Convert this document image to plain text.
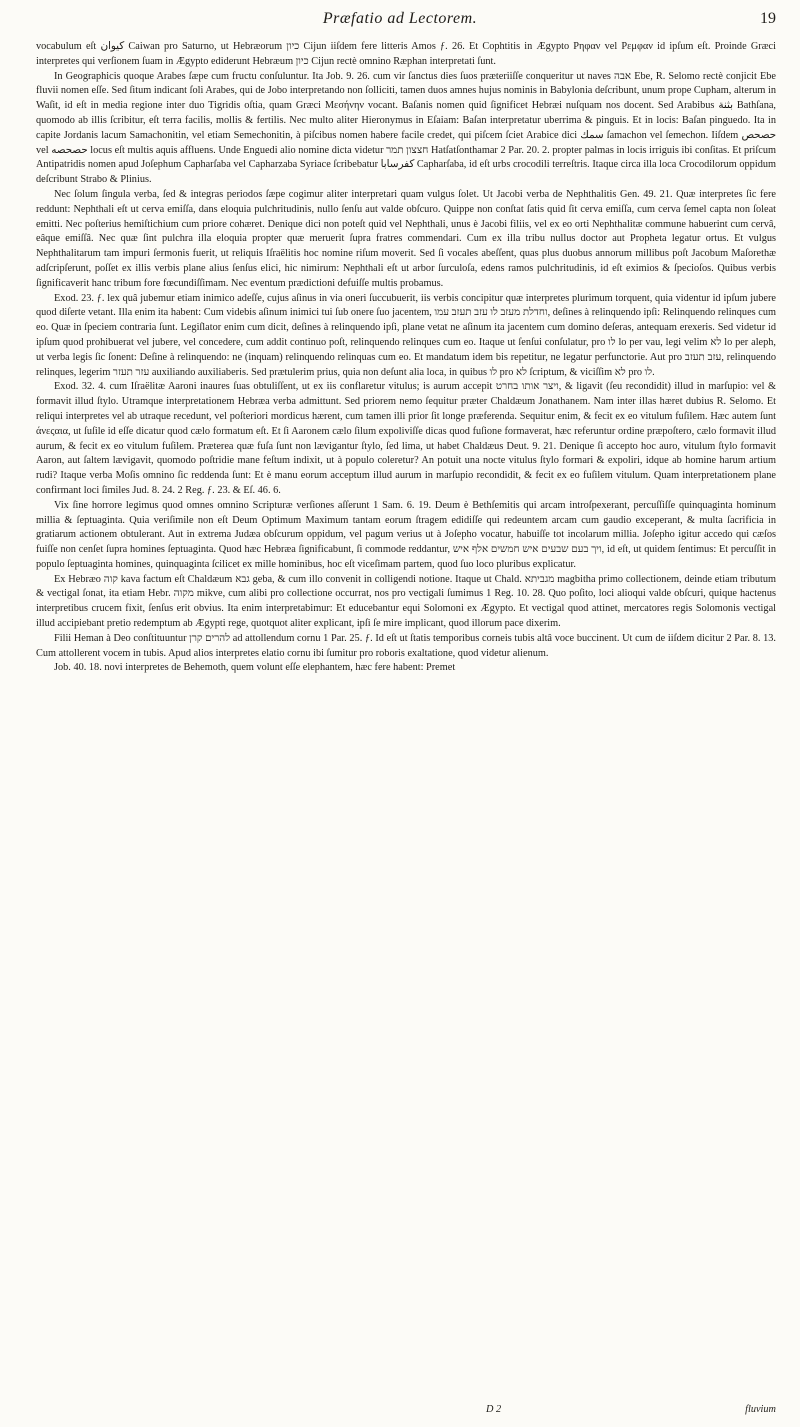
Præfatio ad Lectorem.	19

vocabulum eſt كيوان Caiwan pro Saturno, ut Hebræorum כיון Cijun iiſdem fere litteris Amos ƒ. 26. Et Cophtitis in Ægypto Ρηφαν vel Ρεμφαν id ipſum eſt. Proinde Græci interpretes qui verſionem ſuam in Ægypto ediderunt Hebræum כיון Cijun rectè omnino Ræphan interpretati ſunt.

In Geographicis quoque Arabes ſæpe cum fructu conſuluntur. Ita Job. 9. 26. cum vir ſanctus dies ſuos præteriiſſe conqueritur ut naves אבה Ebe, R. Selomo rectè conjicit Ebe fluvii nomen eſſe. Sed ſitum indicant ſoli Arabes, qui de Jobo interpretando non ſolliciti, tamen duos amnes hujus nominis in Babylonia deſcribunt, unum prope Cupham, alterum in Waſit, id eſt in media regione inter duo Tigridis oſtia, quam Græci Μεσήνην vocant. Baſanis nomen quid ſignificet Hebræi nuſquam nos docent. Sed Arabibus بثنة Bathſana, quomodo ab illis ſcribitur, eſt terra facilis, mollis & fertilis. Nec multo aliter Hieronymus in Eſaiam: Baſan interpretatur uberrima & pinguis. Et in locis: Baſan pinguedo. Ita in capite Jordanis lacum Samachonitin, vel etiam Semechonitin, à piſcibus nomen habere facile credet, qui piſcem ſciet Arabice dici سمك ſamachon vel ſemechon. Iiſdem حصحص vel حصحصه locus eſt multis aquis affluens. Unde Enguedi alio nomine dicta videtur חצצון תמר Hatſatſonthamar 2 Par. 20. 2. propter palmas in locis irriguis ibi conſitas. Et priſcum Antipatridis nomen apud Joſephum Capharſaba vel Capharzaba Syriace ſcribebatur كفرسابا Capharſaba, id eſt urbs crocodili terreſtris. Itaque circa illa loca Crocodilorum oppidum deſcribunt Strabo & Plinius.

Nec ſolum ſingula verba, ſed & integras periodos ſæpe cogimur aliter interpretari quam vulgus ſolet. Ut Jacobi verba de Nephthalitis Gen. 49. 21. Quæ interpretes ſic fere reddunt: Nephthali eſt ut cerva emiſſa, dans eloquia pulchritudinis, nullo ſenſu aut valde obſcuro. Quippe non conſtat ſatis quid ſit cerva emiſſa, cum cerva ſemel capta non ſoleat emitti. Nec poſterius hemiſtichium cum priore cohæret. Denique dici non poteſt quid vel Nephthali, unus è Jacobi filiis, vel ex eo orti Nephthalitæ commune habuerint cum cervâ, eâque emiſſâ. Nec quæ ſint pulchra illa eloquia propter quæ meruerit ſupra fratres commendari. Cum ex illa tribu nullus doctor aut Propheta legatur ortus. Et vulgus Nephthalitarum tam impuri ſermonis fuerit, ut reliquis Iſraëlitis hoc nomine riſum moverit. Sed ſi vocales abeſſent, quas plus duobus annorum millibus poſt Jacobum Maſorethæ adſcripſerunt, poſſet ex illis verbis plane alius ſenſus elici, hic nimirum: Nephthali eſt ut arbor ſurculoſa, edens ramos pulchritudinis, id eſt eximios & ſpecioſos. Quibus verbis ſignificaverit hanc tribum fore fœcundiſſimam. Nec eventum prædictioni defuiſſe multis probamus.

Exod. 23. ƒ. lex quâ jubemur etiam inimico adeſſe, cujus aſinus in via oneri ſuccubuerit, iis verbis concipitur quæ interpretes plurimum torquent, quia videntur id ipſum jubere quod diſerte vetant. Illa enim ita habent: Cum videbis aſinum inimici tui ſub onere ſuo jacentem, וחדלת מעזב לו עזב תעזב עמו, deſines à relinquendo ipſi: Relinquendo relinques cum eo. Quæ in ſpeciem contraria ſunt. Legiſlator enim cum dicit, deſines à relinquendo ipſi, plane vetat ne aſinum ita jacentem cum domino deſeras, antequam erexeris. Sed videtur id ipſum quod prohibuerat vel jubere, vel concedere, cum addit continuo poſt, relinquendo relinques cum eo. Itaque ut ſenſui conſulatur, pro לו lo per vau, legi velim לא lo per aleph, ut verba legis ſic ſonent: Deſine à relinquendo: ne (inquam) relinquendo relinquas cum eo. Et mandatum idem bis repetitur, ne legatur perfunctorie. Aut pro עזב תעזב, relinquendo relinques, legerim עזר תעזר auxiliando auxiliaberis. Sed prætulerim prius, quia non deſunt alia loca, in quibus לו pro לא ſcriptum, & viciſſim לא pro לו.

Exod. 32. 4. cum Iſraëlitæ Aaroni inaures ſuas obtuliſſent, ut ex iis conflaretur vitulus; is aurum accepit ויצר אותו בחרט, & ligavit (ſeu recondidit) illud in marſupio: vel & formavit illud ſtylo. Utramque interpretationem Hebræa verba admittunt. Sed priorem nemo ſequitur præter Chaldæum Jonathanem. Nam inter illas hæret dubius R. Selomo. Et reliqui interpretes vel ab utraque recedunt, vel poſteriori mordicus hærent, cum tamen illi prior ſit longe præferenda. Sequitur enim, & fecit ex eo vitulum fuſilem. Hæc autem ſunt άνεςαια, ut ſuſile id eſſe dicatur quod cælo formatum eſt. Et ſi Aaronem cælo ſilum expoliviſſe dicas quod fuſione formaverat, hæc referuntur ordine præpoſtero, cælo formavit illud aurum, & fecit ex eo vitulum fuſilem. Præterea quæ fuſa ſunt non lævigantur ſtylo, ſed lima, ut habet Chaldæus Deut. 9. 21. Denique ſi accepto hoc auro, vitulum ſtylo formavit Aaron, aut ſaltem lævigavit, quomodo poſtridie mane feſtum indixit, ut à populo coleretur? An potuit una nocte vitulus ſtylo formari & expoliri, idque ab homine harum artium rudi? Itaque verba Moſis omnino ſic reddenda ſunt: Et è manu eorum acceptum illud aurum in marſupio recondidit, & fecit ex eo fuſilem vitulum. Quam interpretationem plane confirmant loci ſimiles Jud. 8. 24. 2 Reg. ƒ. 23. & Eſ. 46. 6.

Vix ſine horrore legimus quod omnes omnino Scripturæ verſiones aſſerunt 1 Sam. 6. 19. Deum è Bethſemitis qui arcam introſpexerant, percuſſiſſe quinquaginta hominum millia & ſeptuaginta. Quia veriſimile non eſt Deum Optimum Maximum tantam eorum ſtragem edidiſſe qui redeuntem arcam cum gaudio exceperant, & multa ſacrificia in gratiarum actionem obtulerant. Aut in extrema Judæa obſcurum oppidum, vel pagum verius ut à Joſepho vocatur, habuiſſe tot incolarum millia. Joſepho igitur accedo qui cæſos fuiſſe non cenſet ſupra homines ſeptuaginta. Quod hæc Hebræa ſignificabunt, ſi commode reddantur, ויך בעם שבעים איש חמשים אלף איש, id eſt, ut quidem ſentimus: Et percuſſit in populo ſeptuaginta homines, quinquaginta ſcilicet ex mille hominibus, hoc eſt viceſimam partem, quod ſuo loco pluribus explicatur.

Ex Hebræo קוה kava factum eſt Chaldæum גבא geba, & cum illo convenit in colligendi notione. Itaque ut Chald. מגביתא magbitha primo collectionem, deinde etiam tributum & vectigal ſonat, ita etiam Hebr. מקוה mikve, cum alibi pro collectione occurrat, nos pro vectigali ſumimus 1 Reg. 10. 28. Quo poſito, loci alioqui valde obſcuri, quique hactenus interpretibus crucem fixit, ſenſus erit obvius. Ita enim interpretabimur: Et educebantur equi Solomoni ex Ægypto. Et vectigal quod attinet, mercatores regis Solomonis vectigal illud accipiebant pretio redemptum ab Ægypti rege, quotquot aliter explicant, ipſi ſe mire implicant, quod illorum pace dixerim.

Filii Heman à Deo conſtituuntur להרים קרן ad attollendum cornu 1 Par. 25. ƒ. Id eſt ut ſtatis temporibus corneis tubis altâ voce buccinent. Ut cum de iiſdem dicitur 2 Par. 8. 13. Cum attollerent vocem in tubis. Apud alios interpretes elatio cornu ibi ſumitur pro roboris exaltatione, quod videtur alienum.

Job. 40. 18. novi interpretes de Behemoth, quem volunt eſſe elephantem, hæc fere habent: Premet

D 2	fluvium
